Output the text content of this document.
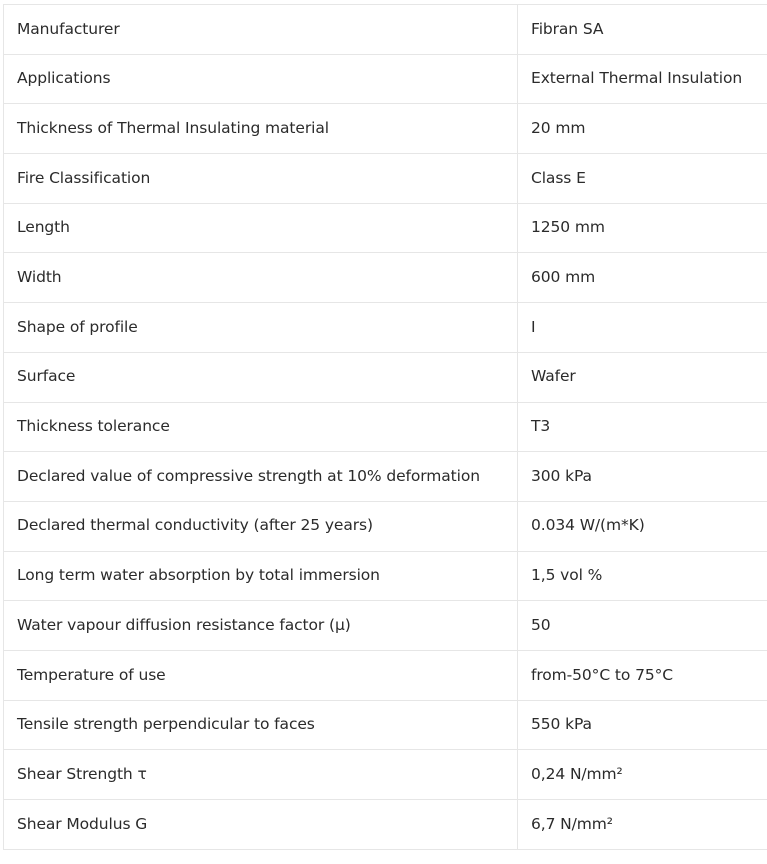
Manufacturer	Fibran SA
Applications	External Thermal Insulation
Thickness of Thermal Insulating material	20 mm
Fire Classification	Class E
Length	1250 mm
Width	600 mm
Shape of profile	I
Surface	Wafer
Thickness tolerance	T3
Declared value of compressive strength at 10% deformation	300 kPa
Declared thermal conductivity (after 25 years)	0.034 W/(m*K)
Long term water absorption by total immersion	1,5 vol %
Water vapour diffusion resistance factor (μ)	50
Temperature of use	from-50°C to 75°C
Tensile strength perpendicular to faces	550 kPa
Shear Strength τ	0,24 N/mm²
Shear Modulus G	6,7 N/mm²
